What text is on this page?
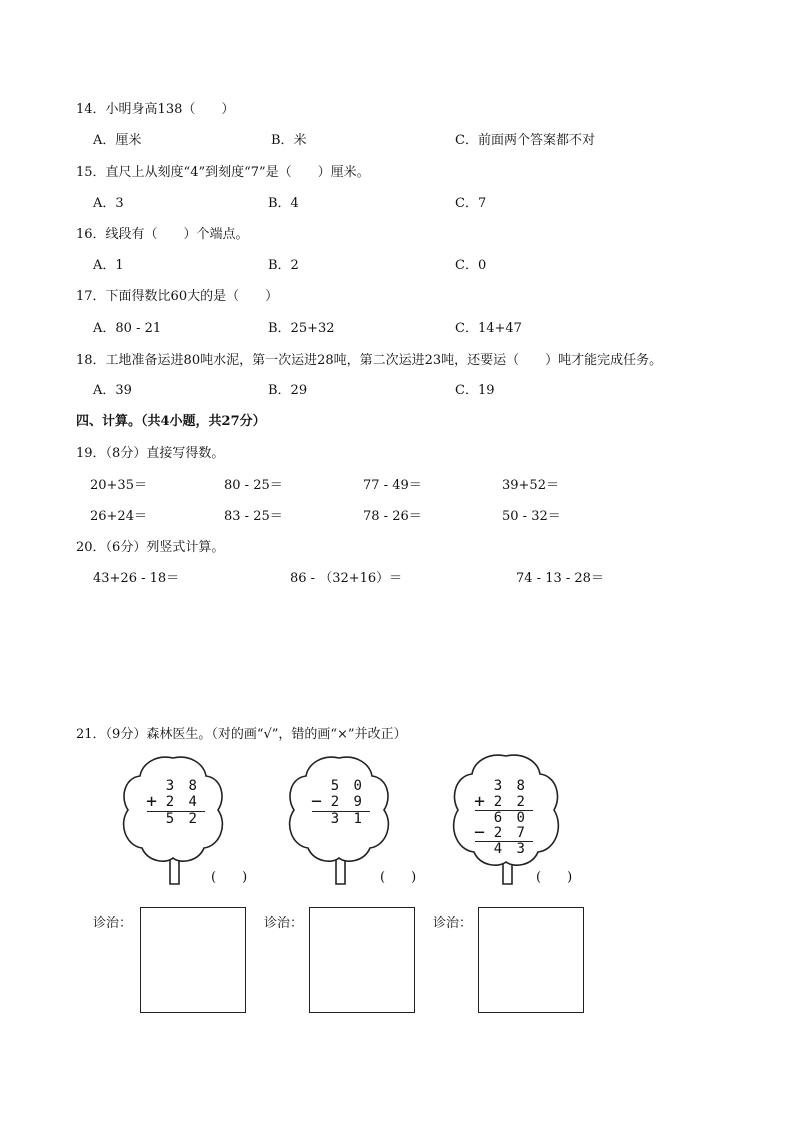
14．小明身高138（　　）
A．厘米	B．米	C．前面两个答案都不对
15．直尺上从刻度“4”到刻度“7”是（　　）厘米。
A．3	B．4	C．7
16．线段有（　　）个端点。
A．1	B．2	C．0
17．下面得数比60大的是（　　）
A．80 - 21	B．25+32	C．14+47
18．工地准备运进80吨水泥，第一次运进28吨，第二次运进23吨，还要运（　　）吨才能完成任务。
A．39	B．29	C．19
四、计算。（共4小题，共27分）
19．（8分）直接写得数。
20+35＝	80 - 25＝	77 - 49＝	39+52＝
26+24＝	83 - 25＝	78 - 26＝	50 - 32＝
20．（6分）列竖式计算。
43+26 - 18＝	86 - （32+16）＝	74 - 13 - 28＝
21．（9分）森林医生。（对的画“√”，错的画“×”并改正）
3 8
+ 2 4
5 2
(　　)
5 0
− 2 9
3 1
(　　)
3 8
+ 2 2
6 0
− 2 7
4 3
(　　)
诊治：	诊治：	诊治：
